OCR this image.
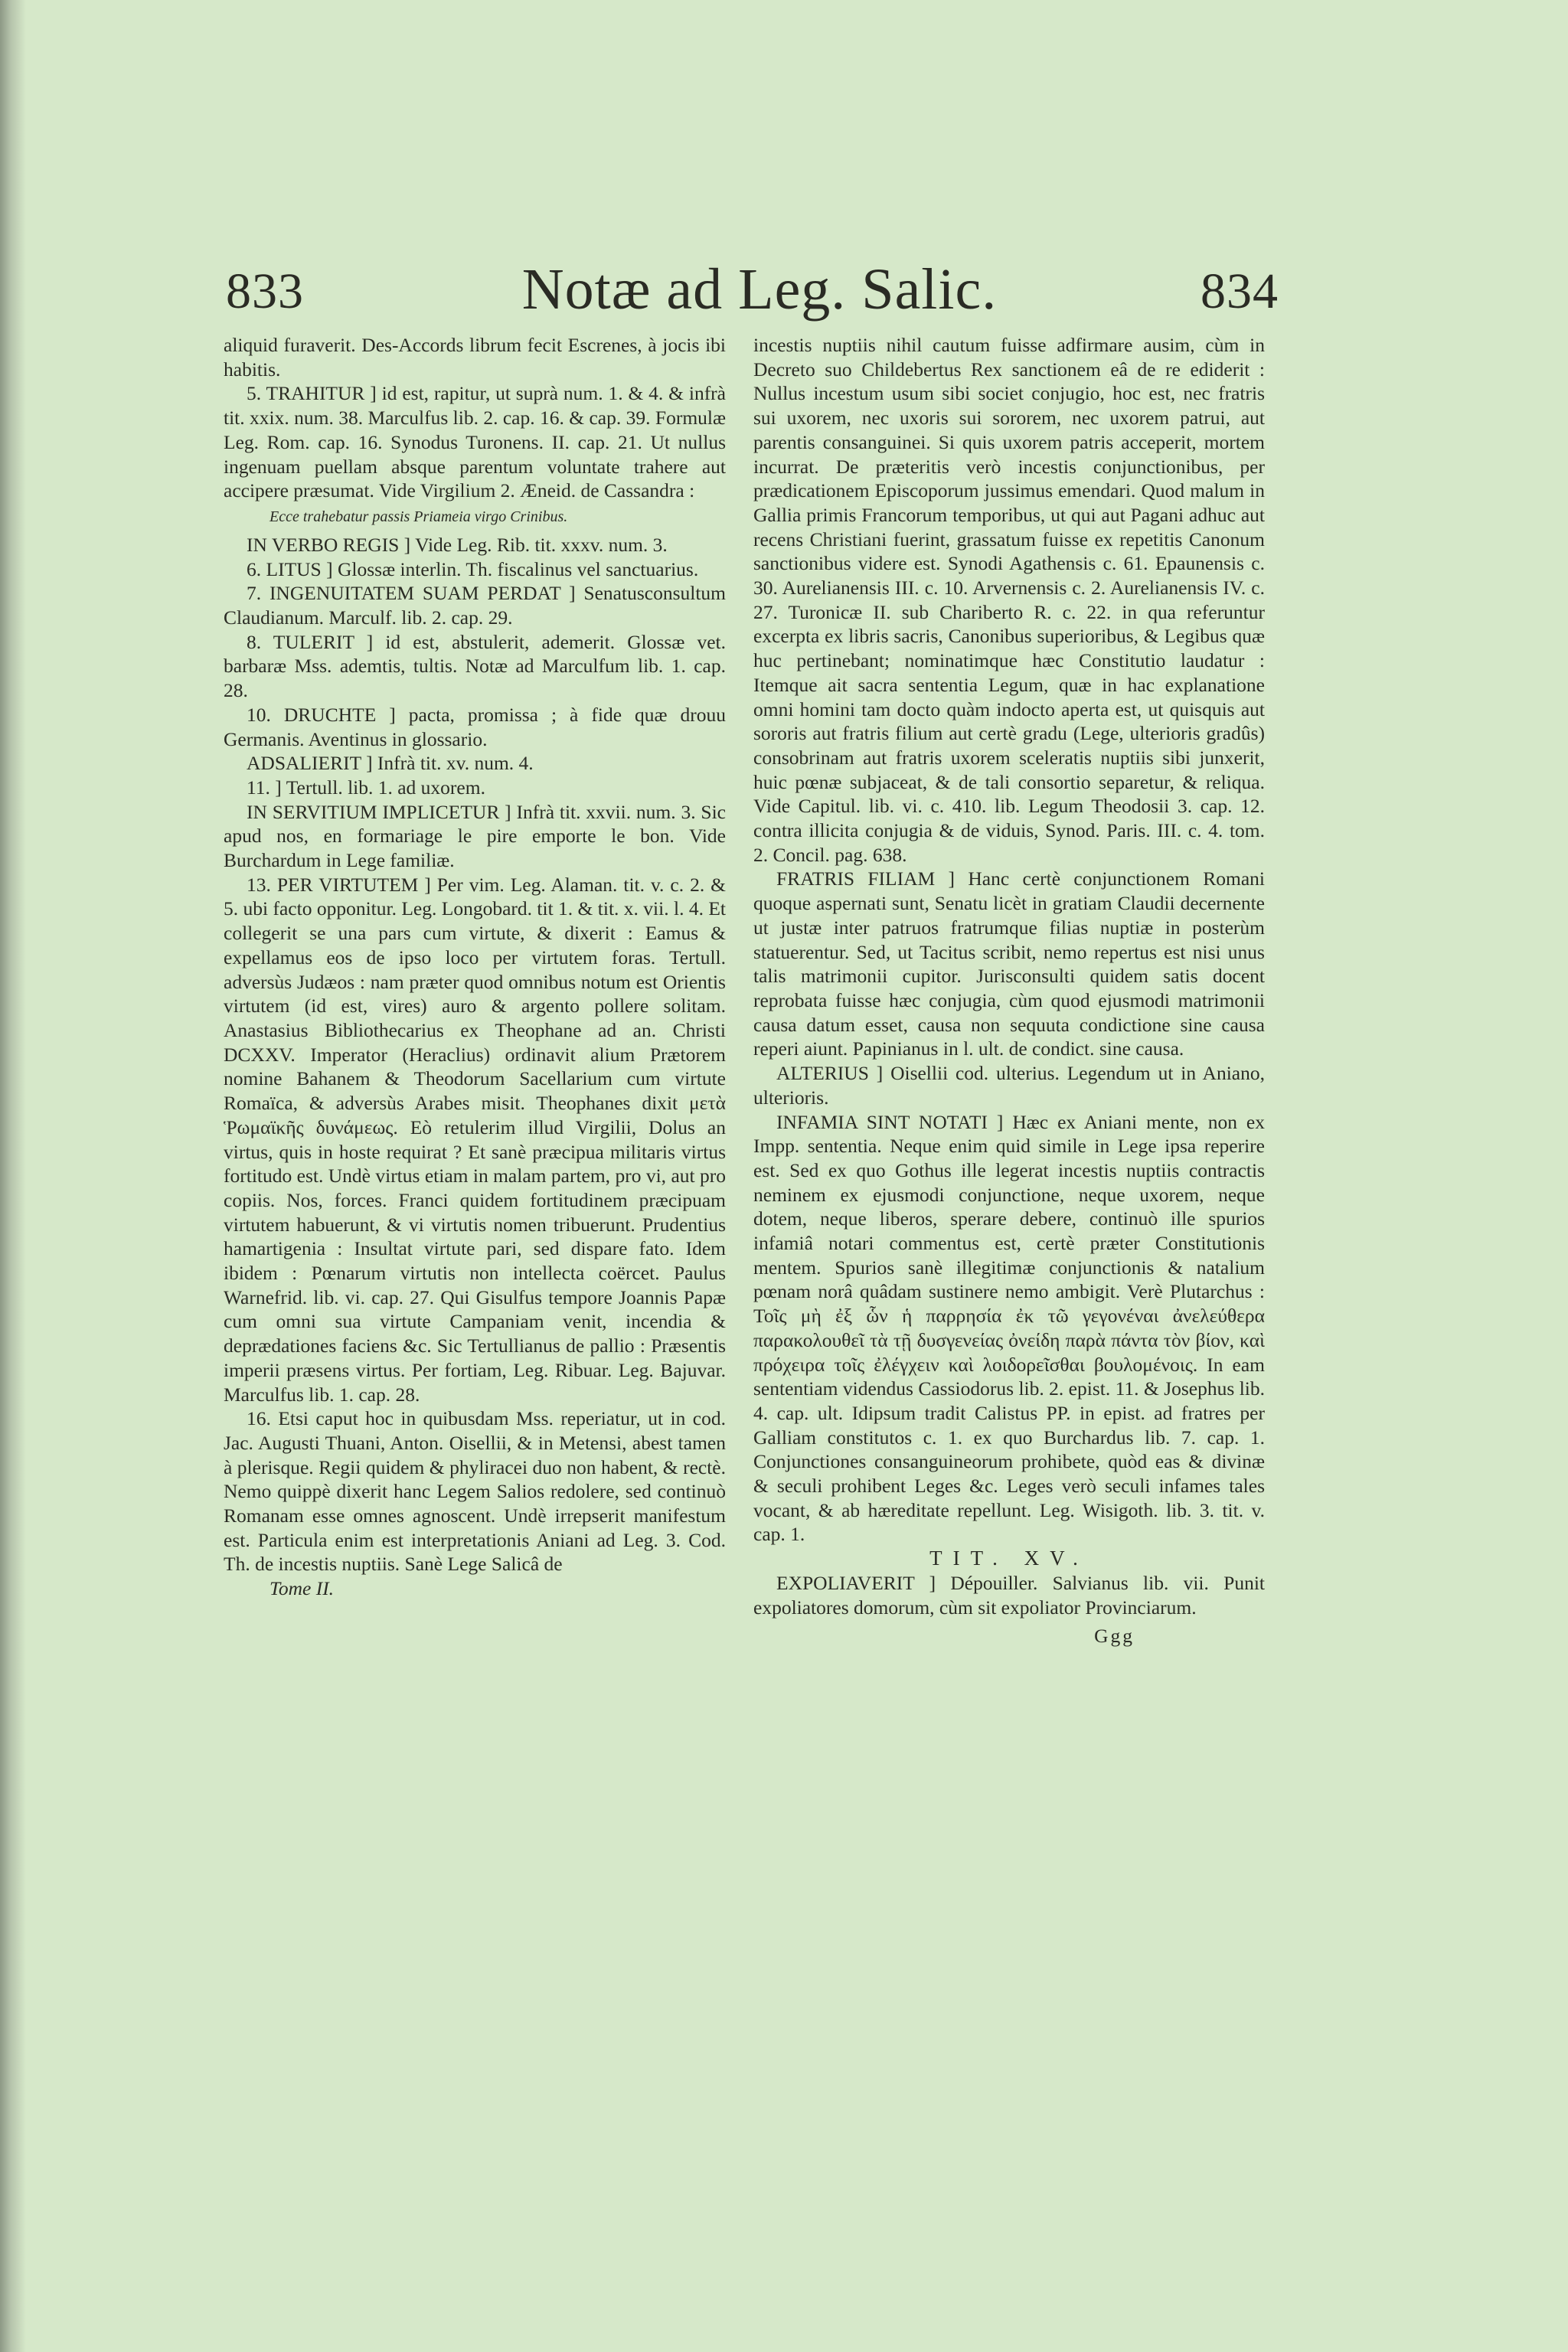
833	Notæ ad Leg. Salic.	834

aliquid furaverit. Des-Accords librum fecit Escrenes, à jocis ibi habitis.

5. TRAHITUR ] id est, rapitur, ut suprà num. 1. & 4. & infrà tit. xxix. num. 38. Marculfus lib. 2. cap. 16. & cap. 39. Formulæ Leg. Rom. cap. 16. Synodus Turonens. II. cap. 21. Ut nullus ingenuam puellam absque parentum voluntate trahere aut accipere præsumat. Vide Virgilium 2. Æneid. de Cassandra :

Ecce trahebatur passis Priameia virgo Crinibus.

IN VERBO REGIS ] Vide Leg. Rib. tit. xxxv. num. 3.

6. LITUS ] Glossæ interlin. Th. fiscalinus vel sanctuarius.

7. INGENUITATEM SUAM PERDAT ] Senatusconsultum Claudianum. Marculf. lib. 2. cap. 29.

8. TULERIT ] id est, abstulerit, ademerit. Glossæ vet. barbaræ Mss. ademtis, tultis. Notæ ad Marculfum lib. 1. cap. 28.

10. DRUCHTE ] pacta, promissa ; à fide quæ drouu Germanis. Aventinus in glossario.

ADSALIERIT ] Infrà tit. xv. num. 4.

11. ] Tertull. lib. 1. ad uxorem.

IN SERVITIUM IMPLICETUR ] Infrà tit. xxvii. num. 3. Sic apud nos, en formariage le pire emporte le bon. Vide Burchardum in Lege familiæ.

13. PER VIRTUTEM ] Per vim. Leg. Alaman. tit. v. c. 2. & 5. ubi facto opponitur. Leg. Longobard. tit 1. & tit. x. vii. l. 4. Et collegerit se una pars cum virtute, & dixerit : Eamus & expellamus eos de ipso loco per virtutem foras. Tertull. adversùs Judæos : nam præter quod omnibus notum est Orientis virtutem (id est, vires) auro & argento pollere solitam. Anastasius Bibliothecarius ex Theophane ad an. Christi DCXXV. Imperator (Heraclius) ordinavit alium Prætorem nomine Bahanem & Theodorum Sacellarium cum virtute Romaïca, & adversùs Arabes misit. Theophanes dixit μετὰ Ῥωμαϊκῆς δυνάμεως. Eò retulerim illud Virgilii, Dolus an virtus, quis in hoste requirat ? Et sanè præcipua militaris virtus fortitudo est. Undè virtus etiam in malam partem, pro vi, aut pro copiis. Nos, forces. Franci quidem fortitudinem præcipuam virtutem habuerunt, & vi virtutis nomen tribuerunt. Prudentius hamartigenia : Insultat virtute pari, sed dispare fato. Idem ibidem : Pœnarum virtutis non intellecta coërcet. Paulus Warnefrid. lib. vi. cap. 27. Qui Gisulfus tempore Joannis Papæ cum omni sua virtute Campaniam venit, incendia & deprædationes faciens &c. Sic Tertullianus de pallio : Præsentis imperii præsens virtus. Per fortiam, Leg. Ribuar. Leg. Bajuvar. Marculfus lib. 1. cap. 28.

16. Etsi caput hoc in quibusdam Mss. reperiatur, ut in cod. Jac. Augusti Thuani, Anton. Oisellii, & in Metensi, abest tamen à plerisque. Regii quidem & phyliracei duo non habent, & rectè. Nemo quippè dixerit hanc Legem Salios redolere, sed continuò Romanam esse omnes agnoscent. Undè irrepserit manifestum est. Particula enim est interpretationis Aniani ad Leg. 3. Cod. Th. de incestis nuptiis. Sanè Lege Salicâ de

Tome II.

incestis nuptiis nihil cautum fuisse adfirmare ausim, cùm in Decreto suo Childebertus Rex sanctionem eâ de re ediderit : Nullus incestum usum sibi societ conjugio, hoc est, nec fratris sui uxorem, nec uxoris sui sororem, nec uxorem patrui, aut parentis consanguinei. Si quis uxorem patris acceperit, mortem incurrat. De præteritis verò incestis conjunctionibus, per prædicationem Episcoporum jussimus emendari. Quod malum in Gallia primis Francorum temporibus, ut qui aut Pagani adhuc aut recens Christiani fuerint, grassatum fuisse ex repetitis Canonum sanctionibus videre est. Synodi Agathensis c. 61. Epaunensis c. 30. Aurelianensis III. c. 10. Arvernensis c. 2. Aurelianensis IV. c. 27. Turonicæ II. sub Chariberto R. c. 22. in qua referuntur excerpta ex libris sacris, Canonibus superioribus, & Legibus quæ huc pertinebant; nominatimque hæc Constitutio laudatur : Itemque ait sacra sententia Legum, quæ in hac explanatione omni homini tam docto quàm indocto aperta est, ut quisquis aut sororis aut fratris filium aut certè gradu (Lege, ulterioris gradûs) consobrinam aut fratris uxorem sceleratis nuptiis sibi junxerit, huic pœnæ subjaceat, & de tali consortio separetur, & reliqua. Vide Capitul. lib. vi. c. 410. lib. Legum Theodosii 3. cap. 12. contra illicita conjugia & de viduis, Synod. Paris. III. c. 4. tom. 2. Concil. pag. 638.

FRATRIS FILIAM ] Hanc certè conjunctionem Romani quoque aspernati sunt, Senatu licèt in gratiam Claudii decernente ut justæ inter patruos fratrumque filias nuptiæ in posterùm statuerentur. Sed, ut Tacitus scribit, nemo repertus est nisi unus talis matrimonii cupitor. Jurisconsulti quidem satis docent reprobata fuisse hæc conjugia, cùm quod ejusmodi matrimonii causa datum esset, causa non sequuta condictione sine causa reperi aiunt. Papinianus in l. ult. de condict. sine causa.

ALTERIUS ] Oisellii cod. ulterius. Legendum ut in Aniano, ulterioris.

INFAMIA SINT NOTATI ] Hæc ex Aniani mente, non ex Impp. sententia. Neque enim quid simile in Lege ipsa reperire est. Sed ex quo Gothus ille legerat incestis nuptiis contractis neminem ex ejusmodi conjunctione, neque uxorem, neque dotem, neque liberos, sperare debere, continuò ille spurios infamiâ notari commentus est, certè præter Constitutionis mentem. Spurios sanè illegitimæ conjunctionis & natalium pœnam norâ quâdam sustinere nemo ambigit. Verè Plutarchus : Τοῖς μὴ ἐξ ὧν ἡ παρρησία ἐκ τῶ γεγονέναι ἀνελεύθερα παρακολουθεῖ τὰ τῇ δυσγενείας ὀνείδη παρὰ πάντα τὸν βίον, καὶ πρόχειρα τοῖς ἐλέγχειν καὶ λοιδορεῖσθαι βουλομένοις. In eam sententiam videndus Cassiodorus lib. 2. epist. 11. & Josephus lib. 4. cap. ult. Idipsum tradit Calistus PP. in epist. ad fratres per Galliam constitutos c. 1. ex quo Burchardus lib. 7. cap. 1. Conjunctiones consanguineorum prohibete, quòd eas & divinæ & seculi prohibent Leges &c. Leges verò seculi infames tales vocant, & ab hæreditate repellunt. Leg. Wisigoth. lib. 3. tit. v. cap. 1.

TIT. XV.

EXPOLIAVERIT ] Dépouiller. Salvianus lib. vii. Punit expoliatores domorum, cùm sit expoliator Provinciarum.

Ggg
